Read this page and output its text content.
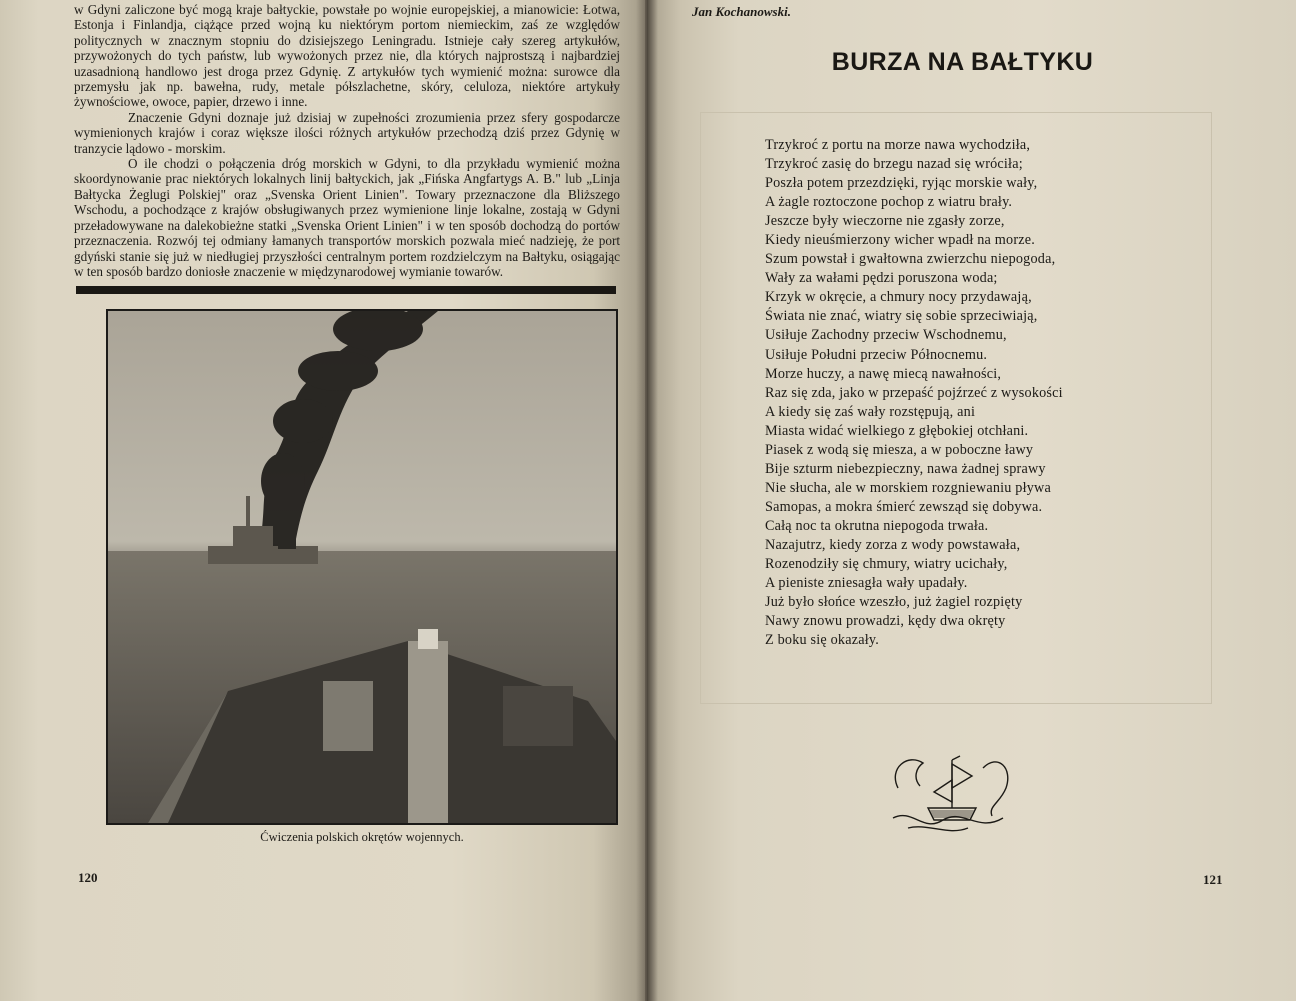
w Gdyni zaliczone być mogą kraje bałtyckie, powstałe po wojnie europejskiej, a mianowicie: Łotwa, Estonja i Finlandja, ciążące przed wojną ku niektórym portom niemieckim, zaś ze względów politycznych w znacznym stopniu do dzisiejszego Leningradu. Istnieje cały szereg artykułów, przywożonych do tych państw, lub wywożonych przez nie, dla których najprostszą i najbardziej uzasadnioną handlowo jest droga przez Gdynię. Z artykułów tych wymienić można: surowce dla przemysłu jak np. bawełna, rudy, metale półszlachetne, skóry, celuloza, niektóre artykuły żywnościowe, owoce, papier, drzewo i inne.

Znaczenie Gdyni doznaje już dzisiaj w zupełności zrozumienia przez sfery gospodarcze wymienionych krajów i coraz większe ilości różnych artykułów przechodzą dziś przez Gdynię w tranzycie lądowo - morskim.

O ile chodzi o połączenia dróg morskich w Gdyni, to dla przykładu wymienić można skoordynowanie prac niektórych lokalnych linij bałtyckich, jak „Fińska Angfartygs A. B." lub „Linja Bałtycka Żeglugi Polskiej" oraz „Svenska Orient Linien". Towary przeznaczone dla Bliższego Wschodu, a pochodzące z krajów obsługiwanych przez wymienione linje lokalne, zostają w Gdyni przeładowywane na dalekobieżne statki „Svenska Orient Linien" i w ten sposób dochodzą do portów przeznaczenia. Rozwój tej odmiany łamanych transportów morskich pozwala mieć nadzieję, że port gdyński stanie się już w niedługiej przyszłości centralnym portem rozdzielczym na Bałtyku, osiągając w ten sposób bardzo doniosłe znaczenie w międzynarodowej wymianie towarów.

Ćwiczenia polskich okrętów wojennych.
120
Jan Kochanowski.
BURZA NA BAŁTYKU
Trzykroć z portu na morze nawa wychodziła,
Trzykroć zasię do brzegu nazad się wróciła;
Poszła potem przezdzięki, ryjąc morskie wały,
A żagle roztoczone pochop z wiatru brały.
Jeszcze były wieczorne nie zgasły zorze,
Kiedy nieuśmierzony wicher wpadł na morze.
Szum powstał i gwałtowna zwierzchu niepogoda,
Wały za wałami pędzi poruszona woda;
Krzyk w okręcie, a chmury nocy przydawają,
Świata nie znać, wiatry się sobie sprzeciwiają,
Usiłuje Zachodny przeciw Wschodnemu,
Usiłuje Południ przeciw Północnemu.
Morze huczy, a nawę miecą nawałności,
Raz się zda, jako w przepaść pojźrzeć z wysokości
A kiedy się zaś wały rozstępują, ani
Miasta widać wielkiego z głębokiej otchłani.
Piasek z wodą się miesza, a w poboczne ławy
Bije szturm niebezpieczny, nawa żadnej sprawy
Nie słucha, ale w morskiem rozgniewaniu pływa
Samopas, a mokra śmierć zewsząd się dobywa.
Całą noc ta okrutna niepogoda trwała.
Nazajutrz, kiedy zorza z wody powstawała,
Rozenodziły się chmury, wiatry ucichały,
A pieniste zniesagła wały upadały.
Już było słońce wzeszło, już żagiel rozpięty
Nawy znowu prowadzi, kędy dwa okręty
Z boku się okazały.
121
